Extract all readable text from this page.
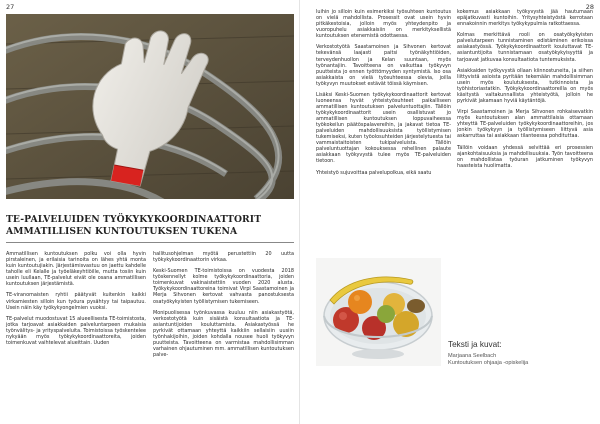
27
TE-PALVELUIDEN TYÖKYKYKOORDINAATTORIT
AMMATILLISEN KUNTOUTUKSEN TUKENA

Ammatillisen kuntoutuksen polku voi olla hyvin pirstaleinen, ja erilaisia tarinoita on lähes yhtä monta kuin kuntoutujiakin. Järjestämisvastuu on jaettu kahdelle taholle eli Kelalle ja työeläkeyhtiöille, mutta tosiin kuin usein luullaan, TE-palvelut eivät ole osana ammatillisen kuntoutuksen järjestämistä.

TE-viranomaisten ryhtii päätyvät kuitenkin kaikki virkamiesten silloin kun työura pysähtyy tai taipautuu. Usein näin käy työkykyongelmien vuoksi.

TE-palvelut muodostuvat 15 alueellisesta TE-toimistosta, jotka tarjoavat asiakkaiden palveluntarpeen mukaisia työnvälitys- ja yrityspalveluita. Toimistoissa työskentelee nykyään myös työkykykoordinaattoreita, joiden toimenkuvat vaihtelevat alueittain. Uuden

hallitusohjelman myötä perustettiin 20 uutta työkykykoordinaattorin virkaa.

Keski-Suomen TE-toimistoissa on vuodesta 2018 työskennellyt kolme työkykykoordinaattoria, joiden toimenkuvat vakinaistettiin vuoden 2020 alusta. Työkykykoordinaattoreina toimivat Virpi Saastamoinen ja Merja Sihvonen kertovat vahvasta panostuksesta osatyökykyisten työllistymisen tukemiseen.

Monipuolisessa työnkuvassa kuuluu niin asiakastyötä, verkostotyötä kuin sisäistä konsultaatiota ja TE-asiantuntijoiden kouluttamista. Asiakastyössä he pyrkivät ottamaan yhteyttä kaikkiin sellaisiin uusiin työnhakijoihin, joiden kohdalla nousee huoli työkyvyn puutteista. Tavoitteena on varmistaa mahdollisimman varhainen ohjautuminen mm. ammatillisen kuntoutuksen palve-

28

luihin jo silloin kuin esimerkiksi työsuhteen kuntoutus on vielä mahdollista. Prosessit ovat usein hyvin pitkäkestoisia, jolloin myös yhteydenpito ja vuoropuhelu asiakkaisiin on merkityksellistä kuntoutuksen etenemistä odottaessa.

Verkostotyötä Saastamoinen ja Sihvonen kertovat tekevänsä laajasti paitsi työnäkyhtiöiden, terveydenhuollon ja Kelan suuntaan, myös työnantajiin. Tavoitteena on vaikuttaa työkyvyn puutteista jo ennen työttömyyden syntymistä. Iso osa asiakkaista on vielä työsuhteessa olevia, joilla työkyvyn muutokset estävät töissä käymisen.

Lisäksi Keski-Suomen työkykykoordinaattorit kertovat luoneensa hyvät yhteistyösuhteet paikalliseen ammatillisen kuntoutuksen palveluntuottajiin. Tällöin työkykykoordinaattorit usein osallistuvat jo ammatillisen kuntoutuksen loppuvaiheessa työkokeilun päätöspalavereihin, ja jakavat tietoa TE-palveluiden mahdollisuuksista työllistymisen tukemiseksi, kuten työolosuhteiden järjestelytuesta tai vammaistaitoisten tukipalveluista. Tällöin palveluntuottajan kokouksessa rehellinen palaute asiakkaan työkyvystä tulee myös TE-palveluiden tietoon.

Yhteistyö sujuvoittaa palvelupolkua, eikä saatu

kokemus asiakkaan työkyvystä jää hautumaan epäjatkuvasti kuntoihin. Yritysyhteistyöstä kerrotaan ennakoinnin merkitys työkykypulmia ratkottaessa.

Kolmas merkittävä rooli on osatyökykyisten palvelutarpeen tunnistaminen edistäminen erikoissa asiakastyössä. Työkykykoordinaattorit kouluttavat TE-asiantuntijoita tunnistamaan osatyökykyisyyttä ja tarjoavat jatkuvaa konsultaatiota tuntemuksista.

Asiakkaiden työkyvystä ollaan kiinnostuneita, ja siihen liittyvistä asioista pyritään tekemään mahdollisimman usein myös koulutuksesta, tutkinnoista ja työhistoriastatkin. Työkykykoordinaattoreilla on myös käsitystä valtakunnallista yhteistyötä, jolloin he pyrkivät jakamaan hyviä käytäntöjä.

Virpi Saastamoinen ja Merja Sihvonen rohkaisevatkin myös kuntoutuksen alan ammattilaisia ottamaan yhteyttä TE-palveluiden työkykykoordinaattoreihin, jos jonkin työkykyyn ja työllistymiseen liittyvä asia askarruttaa tai asiakkaan tilanteessa pohdituttaa.

Tällöin voidaan yhdessä selvittää eri prosessien ajankohtaisuuksia ja mahdollisuuksia. Työn tavoitteena on mahdollistaa työuran jatkuminen työkyvyn haasteista huolimatta.

Teksti ja kuvat:
Marjaana Seelbach
Kuntoutuksen ohjaaja -opiskelija
